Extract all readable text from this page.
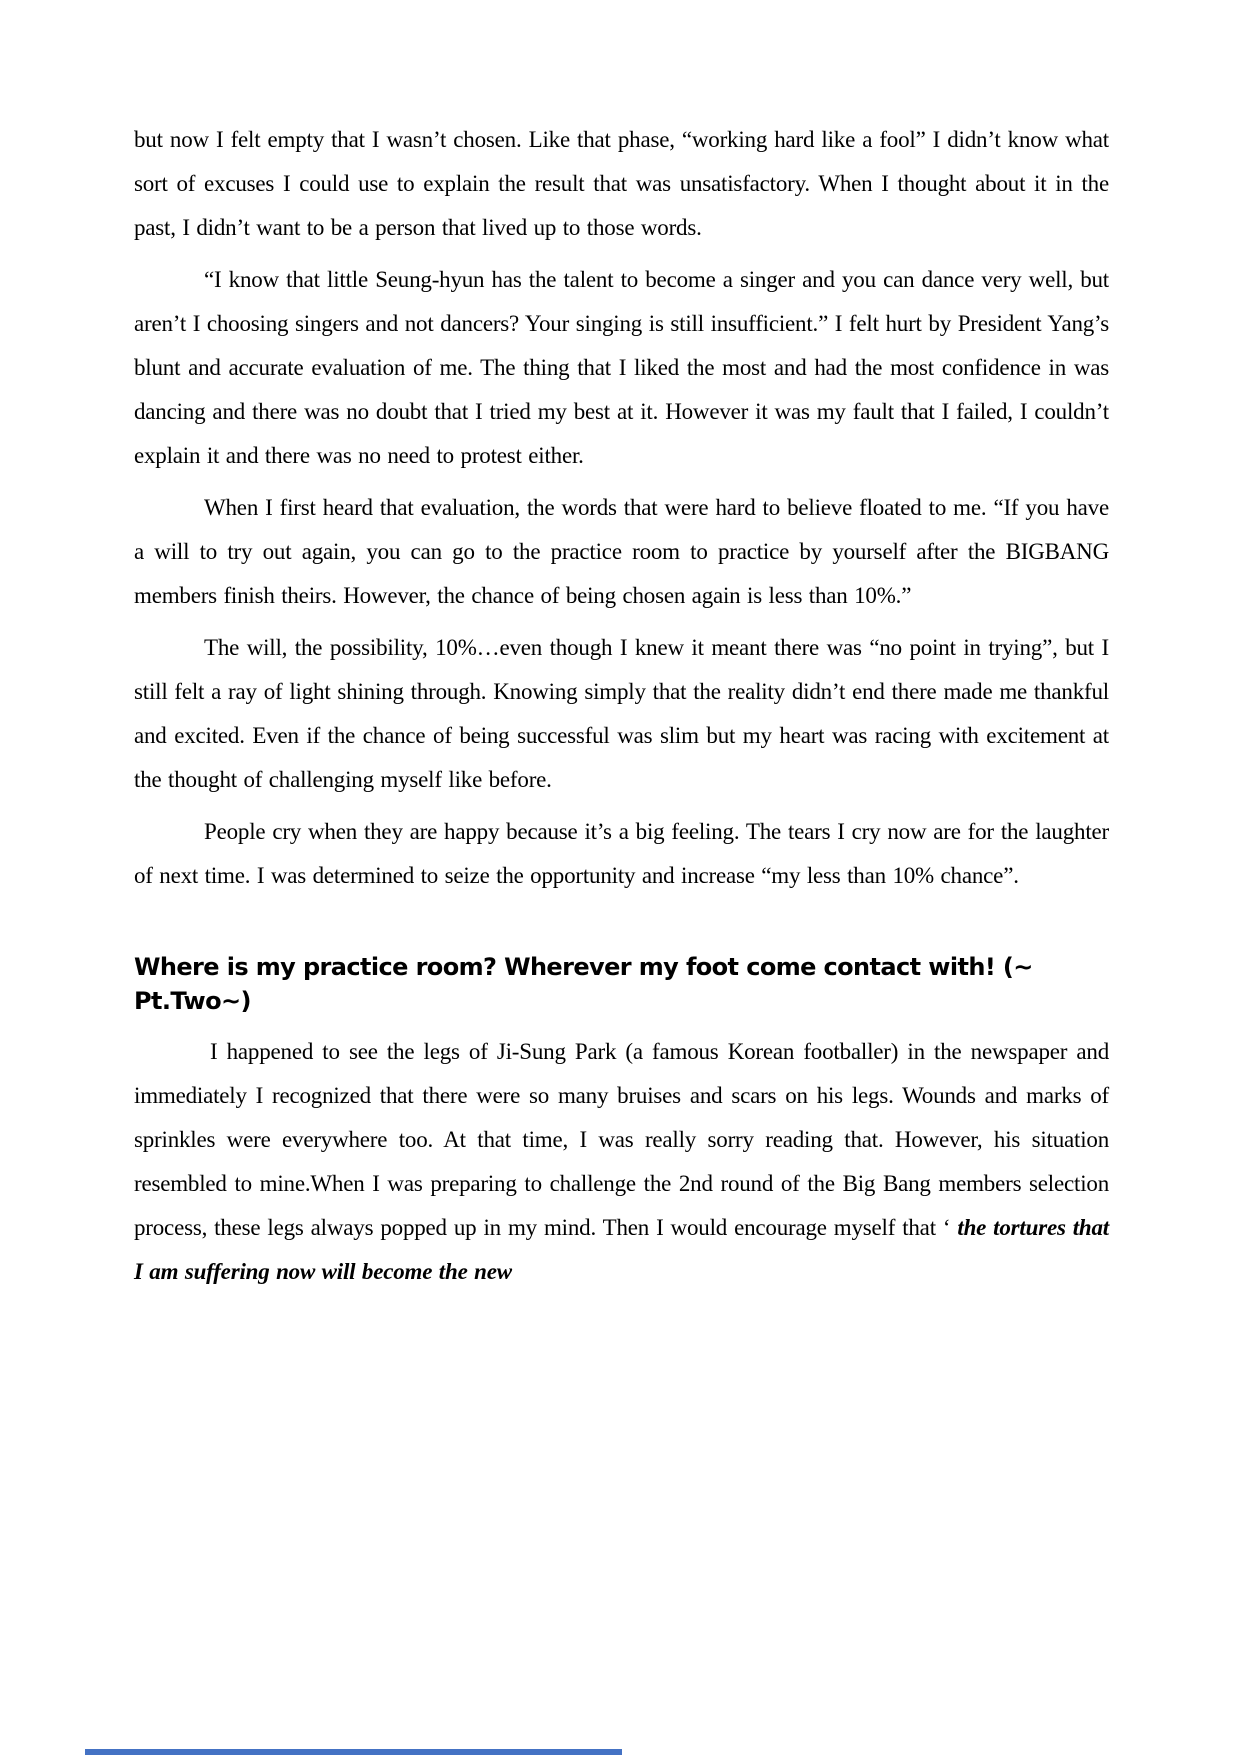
but now I felt empty that I wasn’t chosen. Like that phase, “working hard like a fool” I didn’t know what sort of excuses I could use to explain the result that was unsatisfactory. When I thought about it in the past, I didn’t want to be a person that lived up to those words.

“I know that little Seung-hyun has the talent to become a singer and you can dance very well, but aren’t I choosing singers and not dancers? Your singing is still insufficient.” I felt hurt by President Yang’s blunt and accurate evaluation of me. The thing that I liked the most and had the most confidence in was dancing and there was no doubt that I tried my best at it. However it was my fault that I failed, I couldn’t explain it and there was no need to protest either.

When I first heard that evaluation, the words that were hard to believe floated to me. “If you have a will to try out again, you can go to the practice room to practice by yourself after the BIGBANG members finish theirs. However, the chance of being chosen again is less than 10%.”

The will, the possibility, 10%…even though I knew it meant there was “no point in trying”, but I still felt a ray of light shining through. Knowing simply that the reality didn’t end there made me thankful and excited. Even if the chance of being successful was slim but my heart was racing with excitement at the thought of challenging myself like before.

People cry when they are happy because it’s a big feeling. The tears I cry now are for the laughter of next time. I was determined to seize the opportunity and increase “my less than 10% chance”.

Where is my practice room? Wherever my foot come contact with! (~ Pt.Two~)

I happened to see the legs of Ji-Sung Park (a famous Korean footballer) in the newspaper and immediately I recognized that there were so many bruises and scars on his legs. Wounds and marks of sprinkles were everywhere too. At that time, I was really sorry reading that. However, his situation resembled to mine.When I was preparing to challenge the 2nd round of the Big Bang members selection process, these legs always popped up in my mind. Then I would encourage myself that ‘ the tortures that I am suffering now will become the new
